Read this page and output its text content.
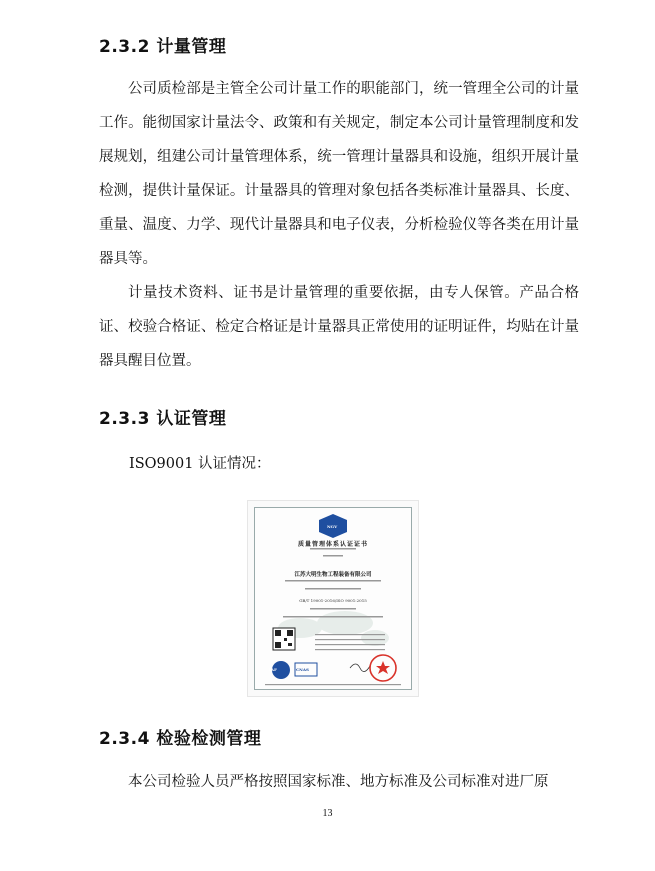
2.3.2 计量管理

公司质检部是主管全公司计量工作的职能部门，统一管理全公司的计量工作。能彻国家计量法令、政策和有关规定，制定本公司计量管理制度和发展规划，组建公司计量管理体系，统一管理计量器具和设施，组织开展计量检测，提供计量保证。计量器具的管理对象包括各类标准计量器具、长度、重量、温度、力学、现代计量器具和电子仪表，分析检验仪等各类在用计量器具等。

计量技术资料、证书是计量管理的重要依据，由专人保管。产品合格证、校验合格证、检定合格证是计量器具正常使用的证明证件，均贴在计量器具醒目位置。

2.3.3 认证管理

ISO9001 认证情况：

质量管理体系认证证书
江苏大明生物工程装备有限公司
GB/T 19001-2016/ISO 9001:2015
NGV
IAF	CNAS
2.3.4 检验检测管理

本公司检验人员严格按照国家标准、地方标准及公司标准对进厂原

13
